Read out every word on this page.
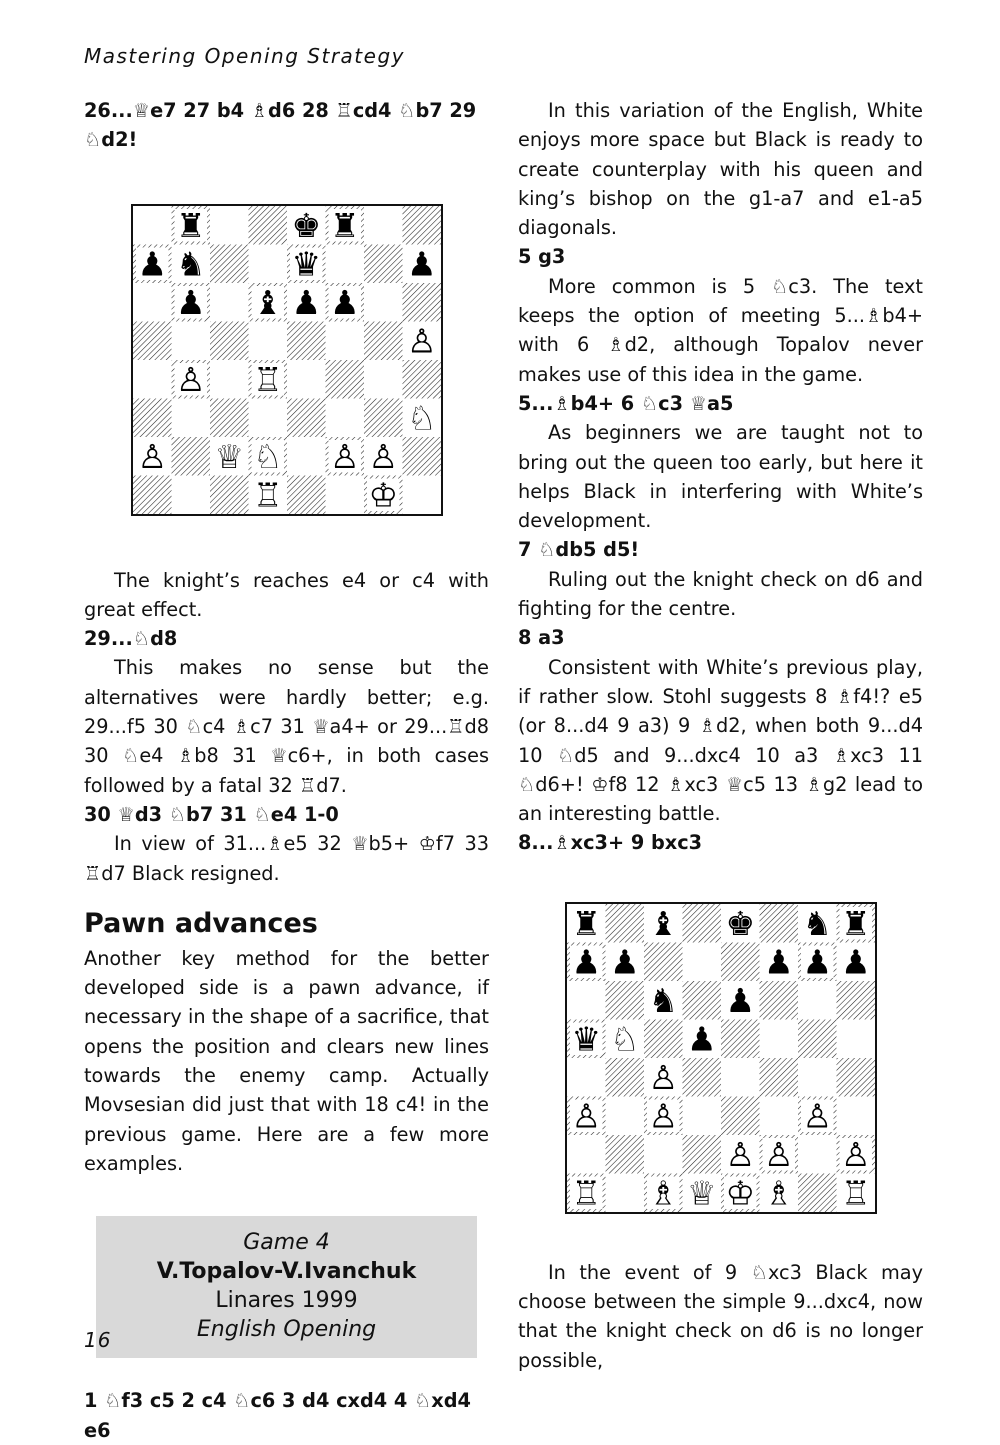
Mastering Opening Strategy

26...♕e7 27 b4 ♗d6 28 ♖cd4 ♘b7 29 ♘d2!

♜	♚ ♜
♟ ♞	♛	♟
♟ ♝ ♟ ♟
♙
♙ ♖
♘
♙ ♕ ♘ ♙ ♙
♖	♔

The knight’s reaches e4 or c4 with great effect.

29...♘d8

This makes no sense but the alternatives were hardly better; e.g. 29...f5 30 ♘c4 ♗c7 31 ♕a4+ or 29...♖d8 30 ♘e4 ♗b8 31 ♕c6+, in both cases followed by a fatal 32 ♖d7.

30 ♕d3 ♘b7 31 ♘e4 1-0

In view of 31...♗e5 32 ♕b5+ ♔f7 33 ♖d7 Black resigned.

Pawn advances

Another key method for the better developed side is a pawn advance, if necessary in the shape of a sacrifice, that opens the position and clears new lines towards the enemy camp. Actually Movsesian did just that with 18 c4! in the previous game. Here are a few more examples.

Game 4
V.Topalov-V.Ivanchuk
Linares 1999
English Opening

1 ♘f3 c5 2 c4 ♘c6 3 d4 cxd4 4 ♘xd4 e6

In this variation of the English, White enjoys more space but Black is ready to create counterplay with his queen and king’s bishop on the g1-a7 and e1-a5 diagonals.

5 g3

More common is 5 ♘c3. The text keeps the option of meeting 5...♗b4+ with 6 ♗d2, although Topalov never makes use of this idea in the game.

5...♗b4+ 6 ♘c3 ♕a5

As beginners we are taught not to bring out the queen too early, but here it helps Black in interfering with White’s development.

7 ♘db5 d5!

Ruling out the knight check on d6 and fighting for the centre.

8 a3

Consistent with White’s previous play, if rather slow. Stohl suggests 8 ♗f4!? e5 (or 8...d4 9 a3) 9 ♗d2, when both 9...d4 10 ♘d5 and 9...dxc4 10 a3 ♗xc3 11 ♘d6+! ♔f8 12 ♗xc3 ♕c5 13 ♗g2 lead to an interesting battle.

8...♗xc3+ 9 bxc3

♜ ♝ ♚ ♞ ♜
♟ ♟	♟ ♟ ♟
♞ ♟
♛ ♘ ♟
♙
♙ ♙	♙
♙ ♙ ♙
♖ ♗ ♕ ♔ ♗ ♖

In the event of 9 ♘xc3 Black may choose between the simple 9...dxc4, now that the knight check on d6 is no longer possible,

16
